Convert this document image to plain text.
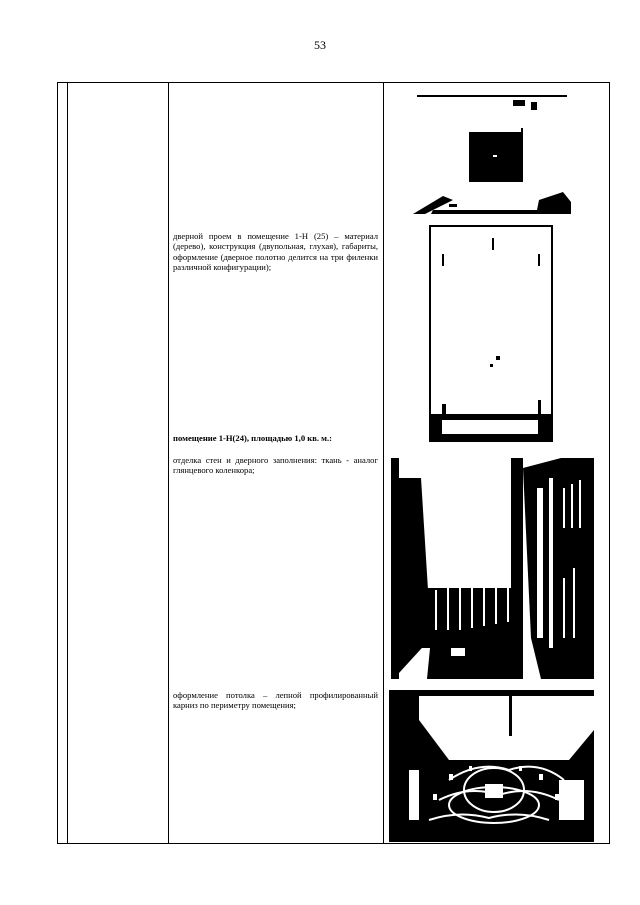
53
дверной проем в помещение 1-Н (25) – материал (дерево), конструкция (двупольная, глухая), габариты, оформление (дверное полотно делится на три филенки различной конфигурации);
помещение 1-Н(24), площадью 1,0 кв. м.:
отделка стен и дверного заполнения: ткань - аналог глянцевого коленкора;
оформление потолка – лепной профилированный карниз по периметру помещения;
